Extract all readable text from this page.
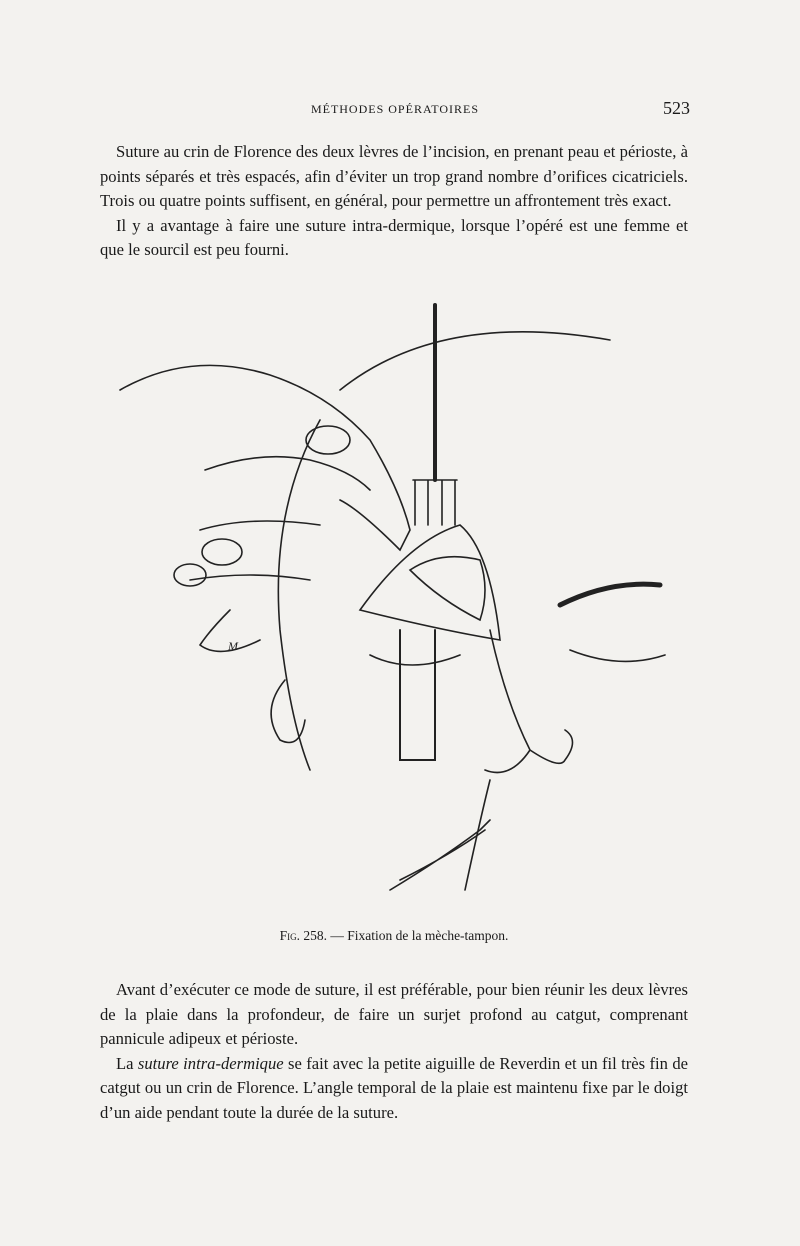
MÉTHODES OPÉRATOIRES	523

Suture au crin de Florence des deux lèvres de l’incision, en prenant peau et périoste, à points séparés et très espacés, afin d’éviter un trop grand nombre d’orifices cicatriciels. Trois ou quatre points suffisent, en général, pour permettre un affrontement très exact.

Il y a avantage à faire une suture intra-dermique, lorsque l’opéré est une femme et que le sourcil est peu fourni.

M
Fig. 258. — Fixation de la mèche-tampon.

Avant d’exécuter ce mode de suture, il est préférable, pour bien réunir les deux lèvres de la plaie dans la profondeur, de faire un surjet profond au catgut, comprenant pannicule adipeux et périoste.

La suture intra-dermique se fait avec la petite aiguille de Reverdin et un fil très fin de catgut ou un crin de Florence. L’angle temporal de la plaie est maintenu fixe par le doigt d’un aide pendant toute la durée de la suture.
